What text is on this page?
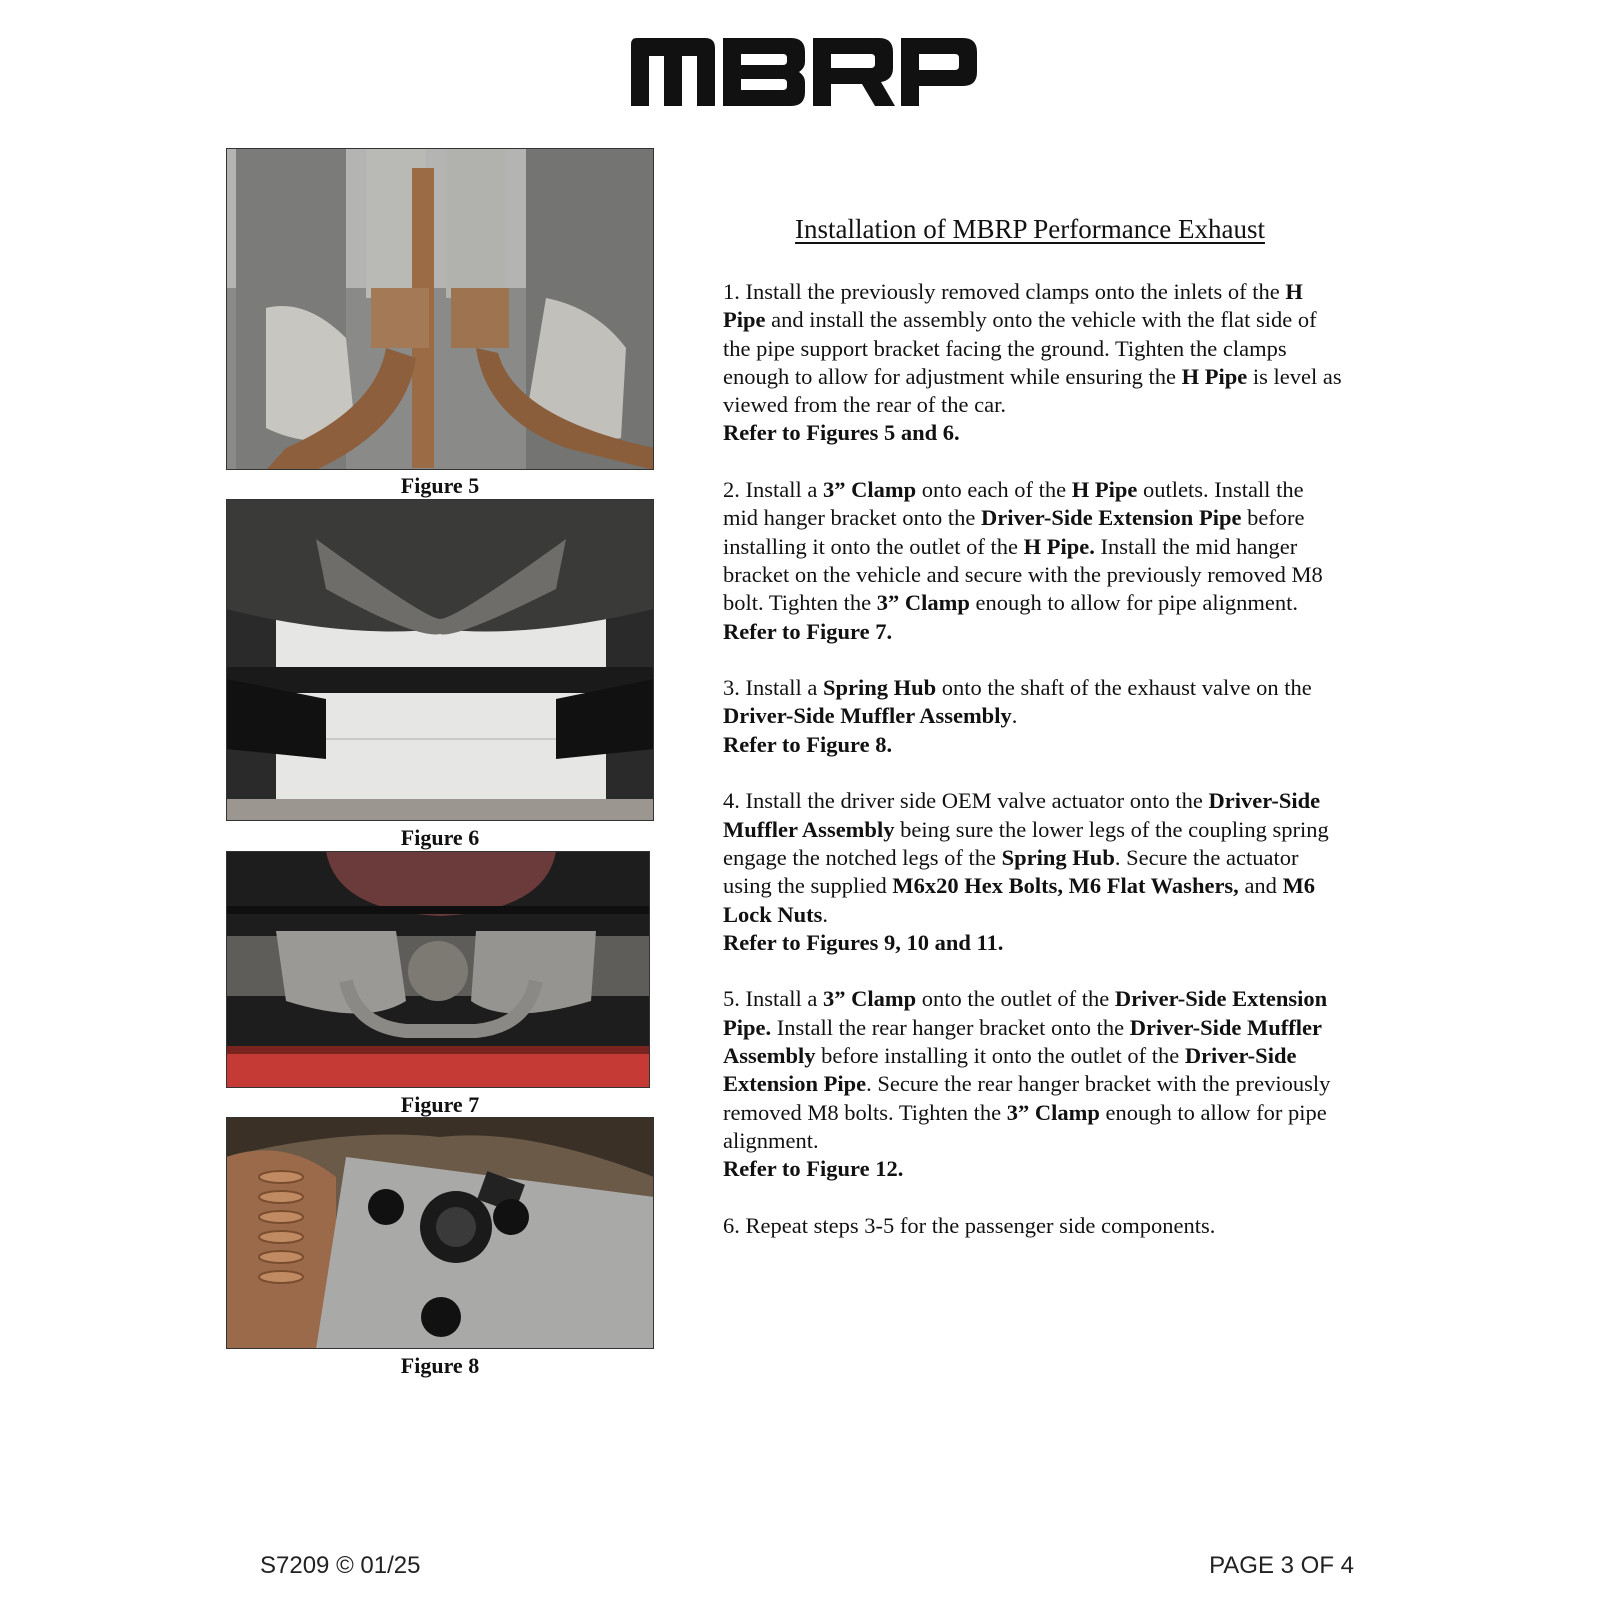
Figure 5
Figure 6
Figure 7
Figure 8
Installation of MBRP Performance Exhaust

1. Install the previously removed clamps onto the inlets of the H Pipe and install the assembly onto the vehicle with the flat side of the pipe support bracket facing the ground. Tighten the clamps enough to allow for adjustment while ensuring the H Pipe is level as viewed from the rear of the car.

Refer to Figures 5 and 6.

2. Install a 3” Clamp onto each of the H Pipe outlets. Install the mid hanger bracket onto the Driver-Side Extension Pipe before installing it onto the outlet of the H Pipe. Install the mid hanger bracket on the vehicle and secure with the previously removed M8 bolt. Tighten the 3” Clamp enough to allow for pipe alignment.

Refer to Figure 7.

3. Install a Spring Hub onto the shaft of the exhaust valve on the Driver-Side Muffler Assembly.

Refer to Figure 8.

4. Install the driver side OEM valve actuator onto the Driver-Side Muffler Assembly being sure the lower legs of the coupling spring engage the notched legs of the Spring Hub. Secure the actuator using the supplied M6x20 Hex Bolts, M6 Flat Washers, and M6 Lock Nuts.

Refer to Figures 9, 10 and 11.

5. Install a 3” Clamp onto the outlet of the Driver-Side Extension Pipe. Install the rear hanger bracket onto the Driver-Side Muffler Assembly before installing it onto the outlet of the Driver-Side Extension Pipe. Secure the rear hanger bracket with the previously removed M8 bolts. Tighten the 3” Clamp enough to allow for pipe alignment.

Refer to Figure 12.

6. Repeat steps 3-5 for the passenger side components.

S7209 © 01/25	PAGE 3 OF 4
